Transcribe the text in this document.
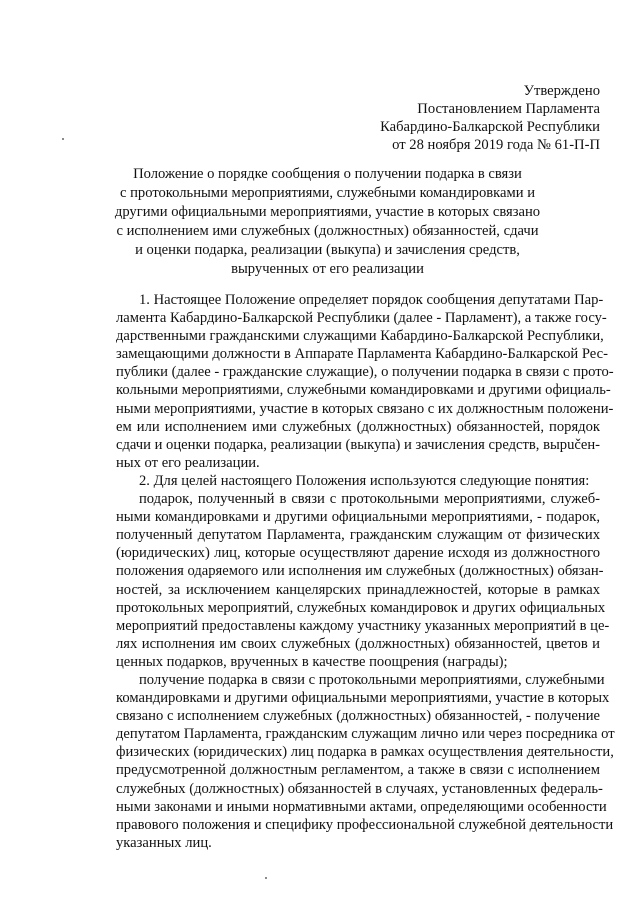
Утверждено
Постановлением Парламента
Кабардино-Балкарской Республики
от 28 ноября 2019 года № 61-П-П
Положение о порядке сообщения о получении подарка в связи
с протокольными мероприятиями, служебными командировками и
другими официальными мероприятиями, участие в которых связано
с исполнением ими служебных (должностных) обязанностей, сдачи
и оценки подарка, реализации (выкупа) и зачисления средств,
вырученных от его реализации
1. Настоящее Положение определяет порядок сообщения депутатами Пар-
ламента Кабардино-Балкарской Республики (далее - Парламент), а также госу-
дарственными гражданскими служащими Кабардино-Балкарской Республики,
замещающими должности в Аппарате Парламента Кабардино-Балкарской Рес-
публики (далее - гражданские служащие), о получении подарка в связи с прото-
кольными мероприятиями, служебными командировками и другими официаль-
ными мероприятиями, участие в которых связано с их должностным положени-
ем или исполнением ими служебных (должностных) обязанностей, порядок
сдачи и оценки подарка, реализации (выкупа) и зачисления средств, вырučен-
ных от его реализации.
2. Для целей настоящего Положения используются следующие понятия:
подарок, полученный в связи с протокольными мероприятиями, служеб-
ными командировками и другими официальными мероприятиями, - подарок,
полученный депутатом Парламента, гражданским служащим от физических
(юридических) лиц, которые осуществляют дарение исходя из должностного
положения одаряемого или исполнения им служебных (должностных) обязан-
ностей, за исключением канцелярских принадлежностей, которые в рамках
протокольных мероприятий, служебных командировок и других официальных
мероприятий предоставлены каждому участнику указанных мероприятий в це-
лях исполнения им своих служебных (должностных) обязанностей, цветов и
ценных подарков, врученных в качестве поощрения (награды);
получение подарка в связи с протокольными мероприятиями, служебными
командировками и другими официальными мероприятиями, участие в которых
связано с исполнением служебных (должностных) обязанностей, - получение
депутатом Парламента, гражданским служащим лично или через посредника от
физических (юридических) лиц подарка в рамках осуществления деятельности,
предусмотренной должностным регламентом, а также в связи с исполнением
служебных (должностных) обязанностей в случаях, установленных федераль-
ными законами и иными нормативными актами, определяющими особенности
правового положения и специфику профессиональной служебной деятельности
указанных лиц.
